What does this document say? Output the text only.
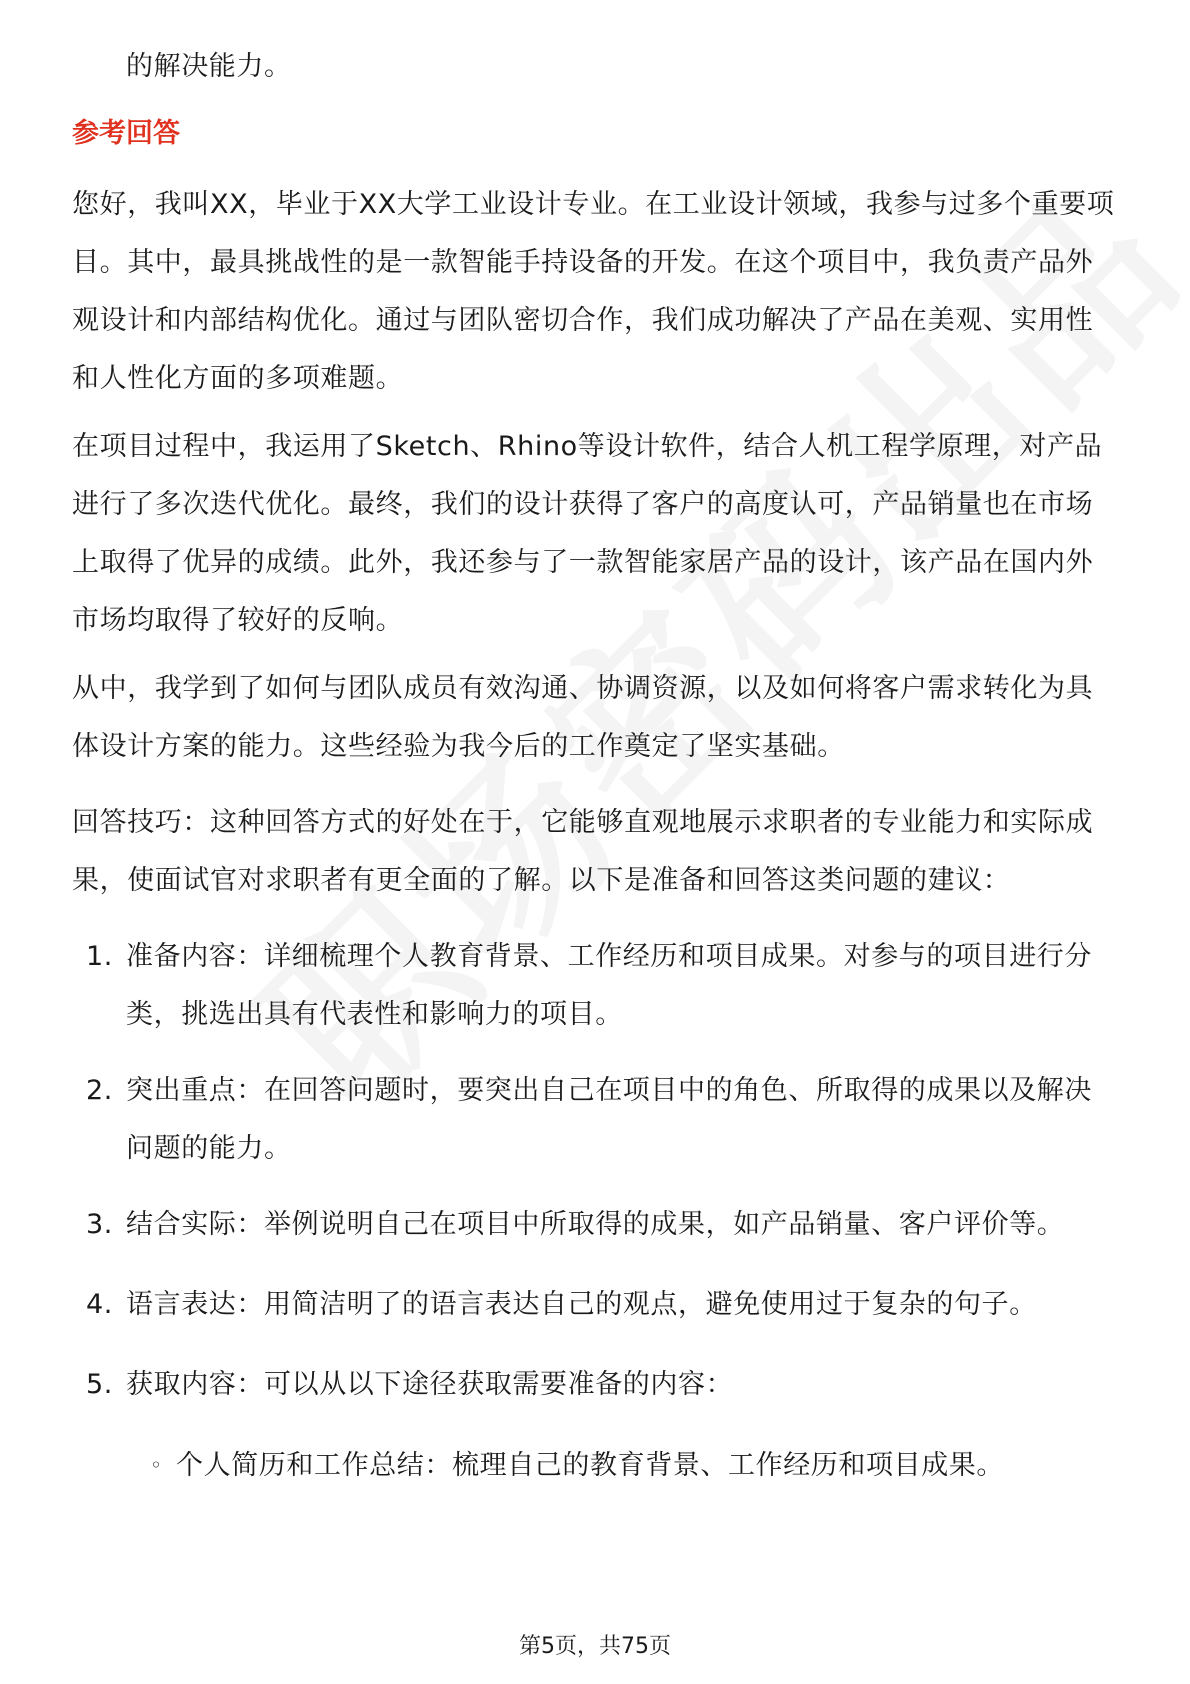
的解决能力。
参考回答
您好，我叫XX，毕业于XX大学工业设计专业。在工业设计领域，我参与过多个重要项目。其中，最具挑战性的是一款智能手持设备的开发。在这个项目中，我负责产品外观设计和内部结构优化。通过与团队密切合作，我们成功解决了产品在美观、实用性和人性化方面的多项难题。
在项目过程中，我运用了Sketch、Rhino等设计软件，结合人机工程学原理，对产品进行了多次迭代优化。最终，我们的设计获得了客户的高度认可，产品销量也在市场上取得了优异的成绩。此外，我还参与了一款智能家居产品的设计，该产品在国内外市场均取得了较好的反响。
从中，我学到了如何与团队成员有效沟通、协调资源，以及如何将客户需求转化为具体设计方案的能力。这些经验为我今后的工作奠定了坚实基础。
回答技巧：这种回答方式的好处在于，它能够直观地展示求职者的专业能力和实际成果，使面试官对求职者有更全面的了解。以下是准备和回答这类问题的建议：
1. 准备内容：详细梳理个人教育背景、工作经历和项目成果。对参与的项目进行分类，挑选出具有代表性和影响力的项目。
2. 突出重点：在回答问题时，要突出自己在项目中的角色、所取得的成果以及解决问题的能力。
3. 结合实际：举例说明自己在项目中所取得的成果，如产品销量、客户评价等。
4. 语言表达：用简洁明了的语言表达自己的观点，避免使用过于复杂的句子。
5. 获取内容：可以从以下途径获取需要准备的内容：
◦ 个人简历和工作总结：梳理自己的教育背景、工作经历和项目成果。
第5页，共75页
